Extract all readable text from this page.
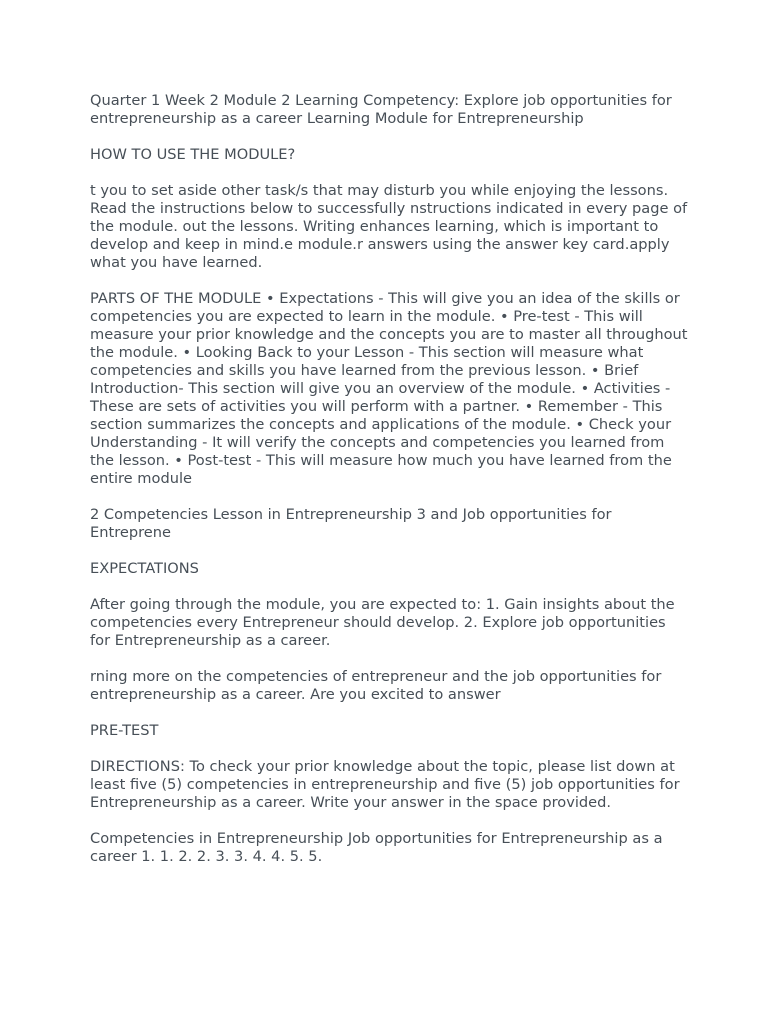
Quarter 1 Week 2 Module 2 Learning Competency: Explore job opportunities for entrepreneurship as a career Learning Module for Entrepreneurship

HOW TO USE THE MODULE?

t you to set aside other task/s that may disturb you while enjoying the lessons. Read the instructions below to successfully nstructions indicated in every page of the module. out the lessons. Writing enhances learning, which is important to develop and keep in mind.e module.r answers using the answer key card.apply what you have learned.

PARTS OF THE MODULE • Expectations - This will give you an idea of the skills or competencies you are expected to learn in the module. • Pre-test - This will measure your prior knowledge and the concepts you are to master all throughout the module. • Looking Back to your Lesson - This section will measure what competencies and skills you have learned from the previous lesson. • Brief Introduction- This section will give you an overview of the module. • Activities - These are sets of activities you will perform with a partner. • Remember - This section summarizes the concepts and applications of the module. • Check your Understanding - It will verify the concepts and competencies you learned from the lesson. • Post-test - This will measure how much you have learned from the entire module

2 Competencies Lesson in Entrepreneurship 3 and Job opportunities for Entreprene

EXPECTATIONS

After going through the module, you are expected to: 1. Gain insights about the competencies every Entrepreneur should develop. 2. Explore job opportunities for Entrepreneurship as a career.

rning more on the competencies of entrepreneur and the job opportunities for entrepreneurship as a career. Are you excited to answer

PRE-TEST

DIRECTIONS: To check your prior knowledge about the topic, please list down at least five (5) competencies in entrepreneurship and five (5) job opportunities for Entrepreneurship as a career. Write your answer in the space provided.

Competencies in Entrepreneurship Job opportunities for Entrepreneurship as a career 1. 1. 2. 2. 3. 3. 4. 4. 5. 5.
